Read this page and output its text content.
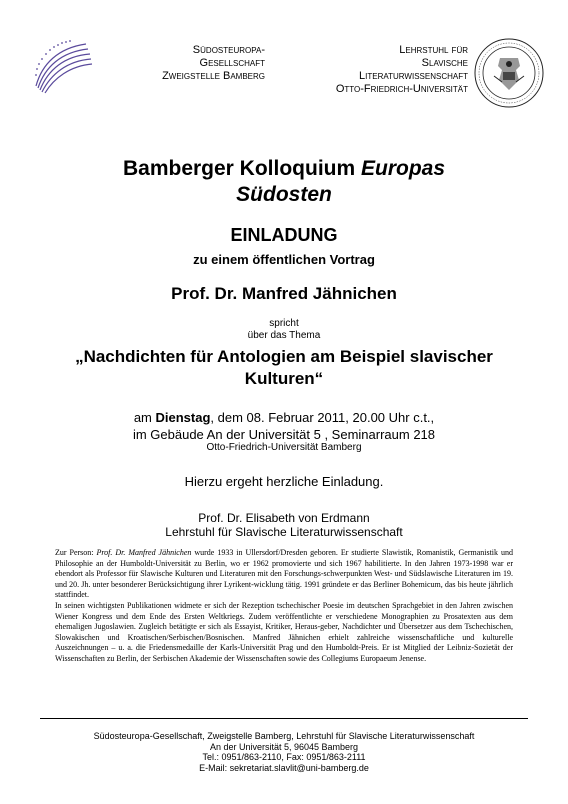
Südosteuropa-
Gesellschaft
Zweigstelle Bamberg
Lehrstuhl für
Slavische
Literaturwissenschaft
Otto-Friedrich-Universität
Bamberger Kolloquium Europas
Südosten
EINLADUNG
zu einem öffentlichen Vortrag
Prof. Dr. Manfred Jähnichen
spricht
über das Thema
„Nachdichten für Antologien am Beispiel slavischer
Kulturen“
am Dienstag, dem 08. Februar 2011, 20.00 Uhr c.t.,
im Gebäude An der Universität 5 , Seminarraum 218
Otto-Friedrich-Universität Bamberg
Hierzu ergeht herzliche Einladung.
Prof. Dr. Elisabeth von Erdmann
Lehrstuhl für Slavische Literaturwissenschaft

Zur Person: Prof. Dr. Manfred Jähnichen wurde 1933 in Ullersdorf/Dresden geboren. Er studierte Slawistik, Romanistik, Germanistik und Philosophie an der Humboldt-Universität zu Berlin, wo er 1962 promovierte und sich 1967 habilitierte. In den Jahren 1973-1998 war er ebendort als Professor für Slawische Kulturen und Literaturen mit den Forschungs-schwerpunkten West- und Südslawische Literaturen im 19. und 20. Jh. unter besonderer Berücksichtigung ihrer Lyrikent-wicklung tätig. 1991 gründete er das Berliner Bohemicum, das bis heute jährlich stattfindet.

In seinen wichtigsten Publikationen widmete er sich der Rezeption tschechischer Poesie im deutschen Sprachgebiet in den Jahren zwischen Wiener Kongress und dem Ende des Ersten Weltkriegs. Zudem veröffentlichte er verschiedene Monographien zu Prosatexten aus dem ehemaligen Jugoslawien. Zugleich betätigte er sich als Essayist, Kritiker, Heraus-geber, Nachdichter und Übersetzer aus dem Tschechischen, Slowakischen und Kroatischen/Serbischen/Bosnischen. Manfred Jähnichen erhielt zahlreiche wissenschaftliche und kulturelle Auszeichnungen – u. a. die Friedensmedaille der Karls-Universität Prag und den Humboldt-Preis. Er ist Mitglied der Leibniz-Sozietät der Wissenschaften zu Berlin, der Serbischen Akademie der Wissenschaften sowie des Collegiums Europaeum Jenense.

Südosteuropa-Gesellschaft, Zweigstelle Bamberg, Lehrstuhl für Slavische Literaturwissenschaft
An der Universität 5, 96045 Bamberg
Tel.: 0951/863-2110, Fax: 0951/863-2111
E-Mail: sekretariat.slavlit@uni-bamberg.de
